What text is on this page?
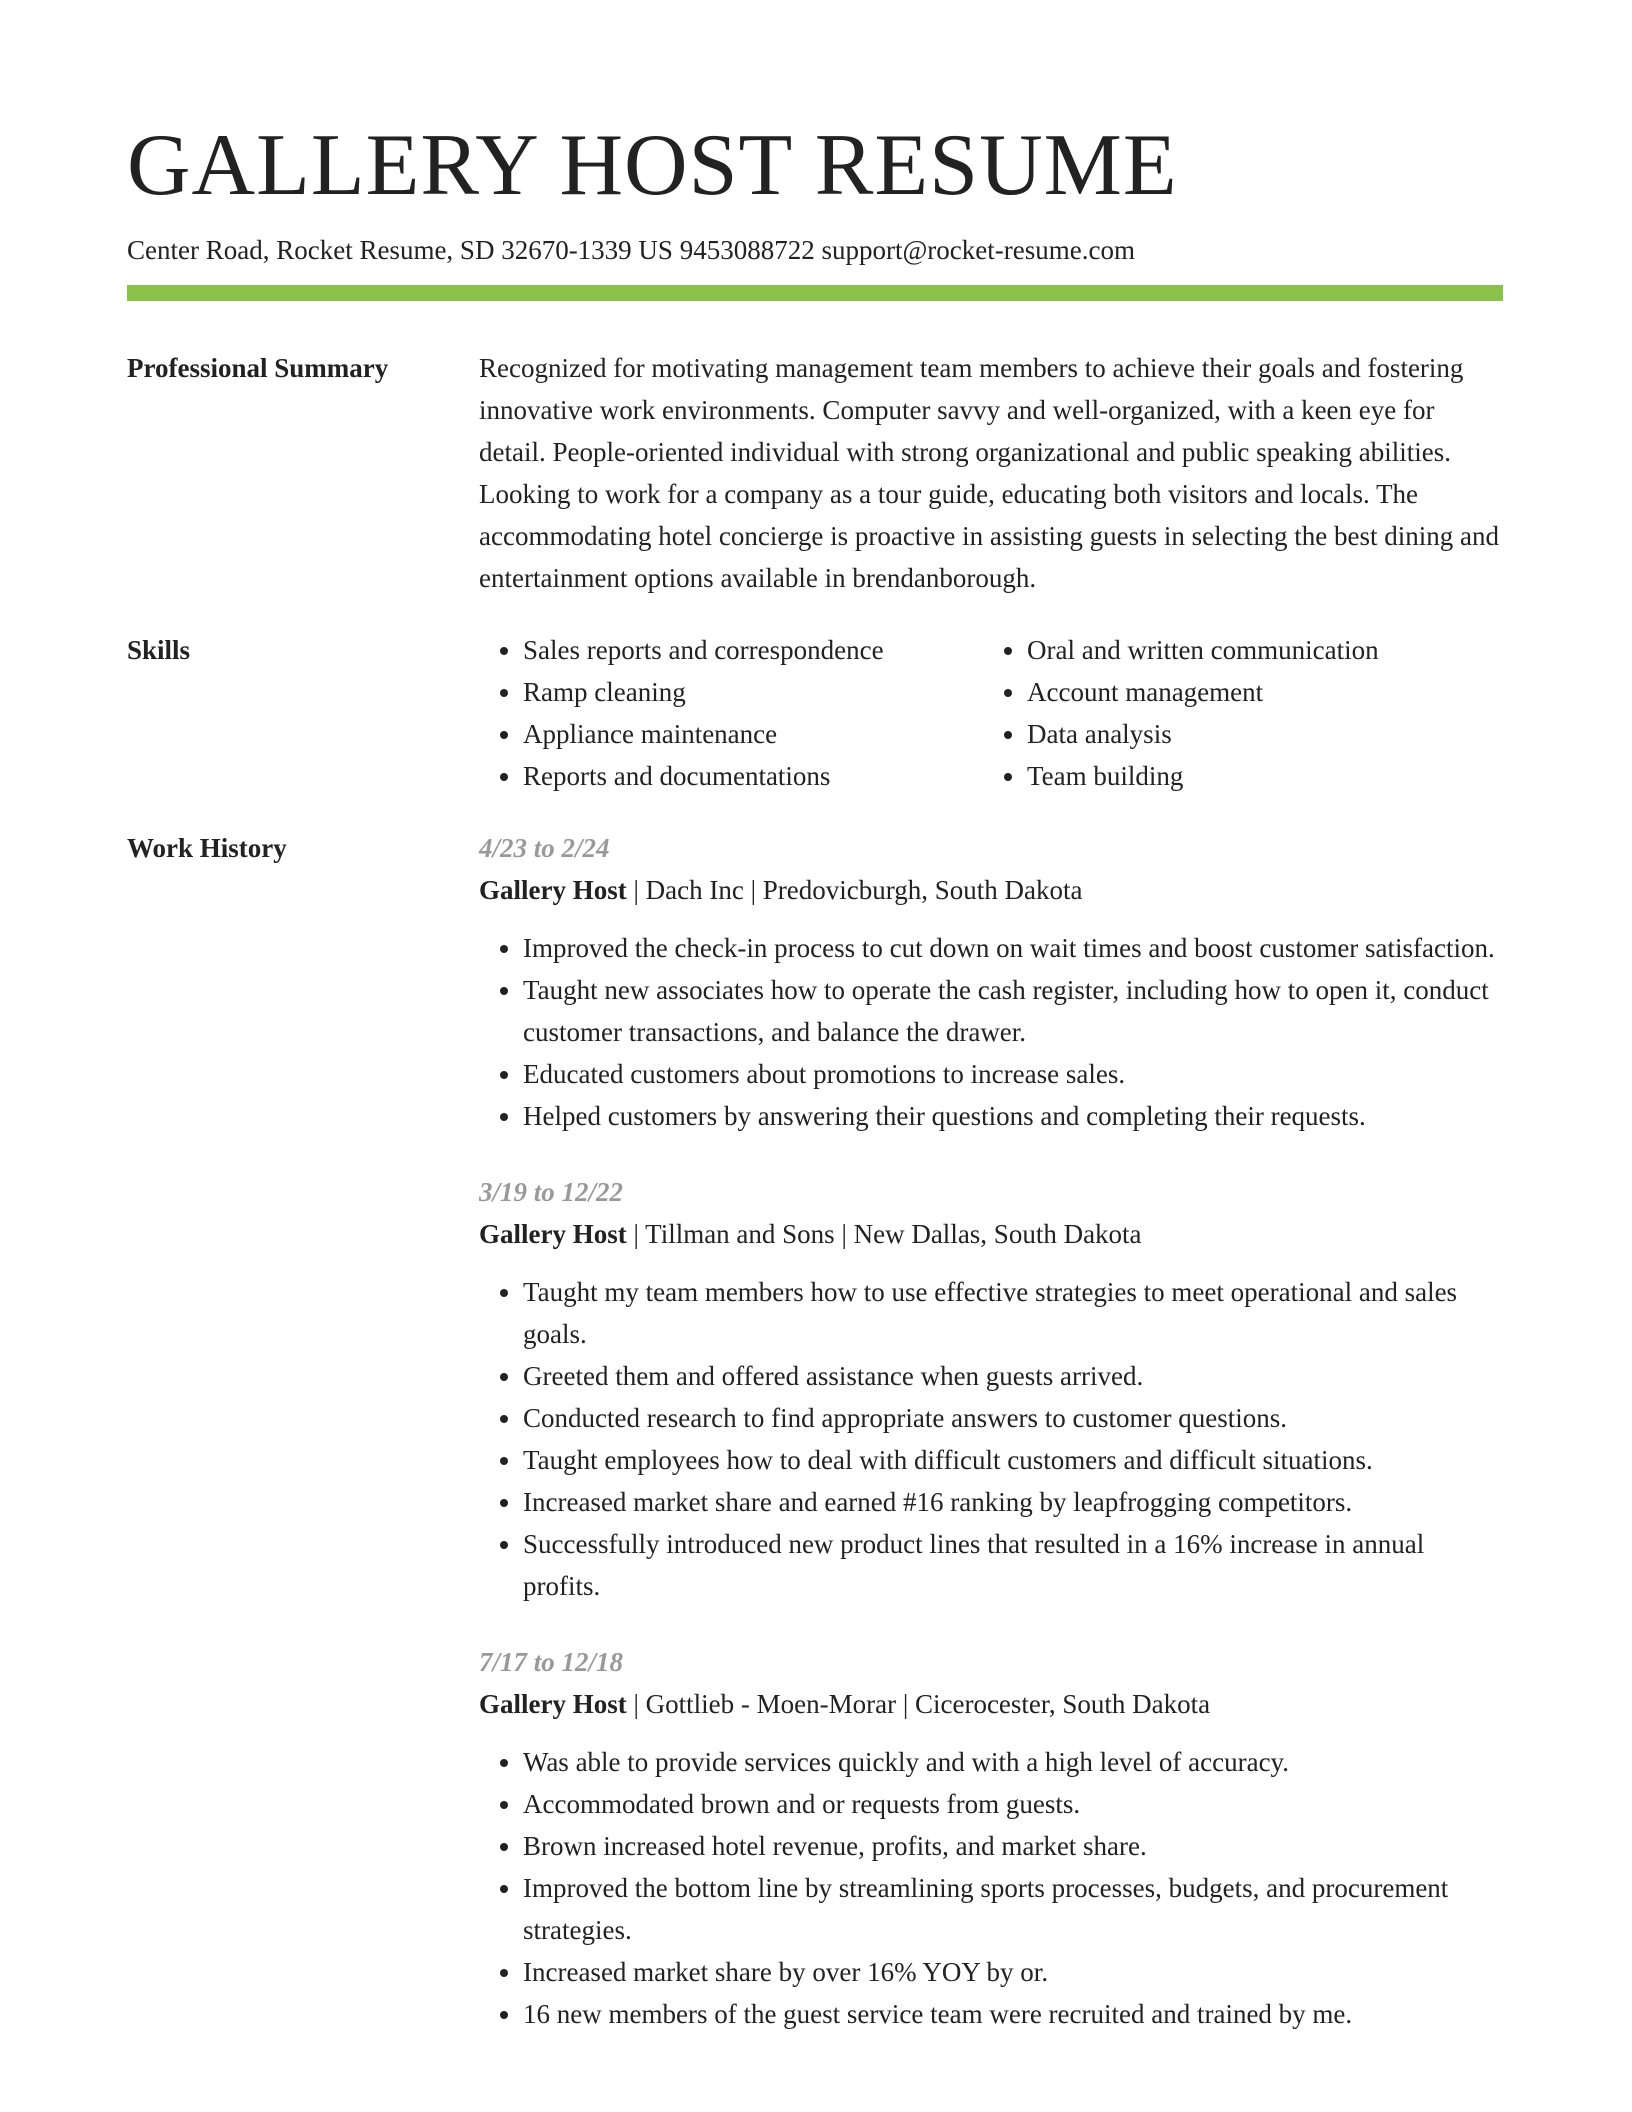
GALLERY HOST RESUME
Center Road, Rocket Resume, SD 32670-1339 US 9453088722 support@rocket-resume.com
Professional Summary	Recognized for motivating management team members to achieve their goals and fostering innovative work environments. Computer savvy and well-organized, with a keen eye for detail. People-oriented individual with strong organizational and public speaking abilities. Looking to work for a company as a tour guide, educating both visitors and locals. The accommodating hotel concierge is proactive in assisting guests in selecting the best dining and entertainment options available in brendanborough.

Skills
•	Sales reports and correspondence
• Ramp cleaning
• Appliance maintenance
• Reports and documentations
• Oral and written communication
• Account management
• Data analysis
• Team building
Work History	4/23 to 2/24
Gallery Host | Dach Inc | Predovicburgh, South Dakota
• Improved the check-in process to cut down on wait times and boost customer satisfaction.
• Taught new associates how to operate the cash register, including how to open it, conduct customer transactions, and balance the drawer.
• Educated customers about promotions to increase sales.
• Helped customers by answering their questions and completing their requests.
3/19 to 12/22
Gallery Host | Tillman and Sons | New Dallas, South Dakota
• Taught my team members how to use effective strategies to meet operational and sales goals.
• Greeted them and offered assistance when guests arrived.
• Conducted research to find appropriate answers to customer questions.
• Taught employees how to deal with difficult customers and difficult situations.
• Increased market share and earned #16 ranking by leapfrogging competitors.
• Successfully introduced new product lines that resulted in a 16% increase in annual profits.
7/17 to 12/18
Gallery Host | Gottlieb - Moen-Morar | Cicerocester, South Dakota
• Was able to provide services quickly and with a high level of accuracy.
• Accommodated brown and or requests from guests.
• Brown increased hotel revenue, profits, and market share.
• Improved the bottom line by streamlining sports processes, budgets, and procurement strategies.
• Increased market share by over 16% YOY by or.
• 16 new members of the guest service team were recruited and trained by me.
